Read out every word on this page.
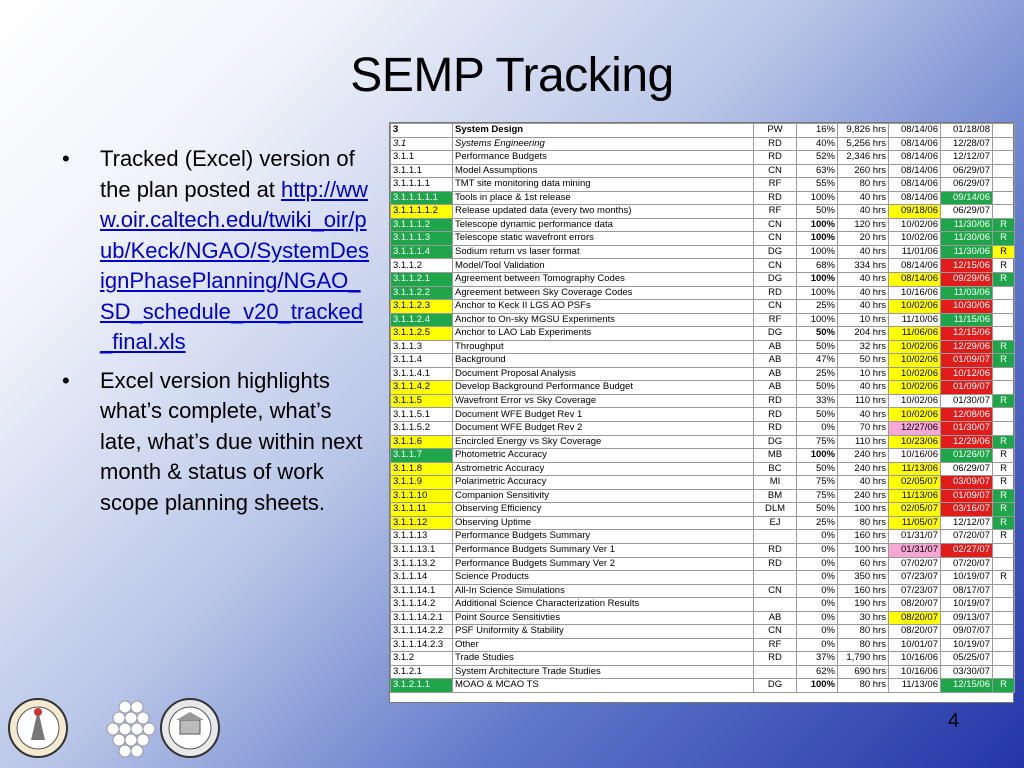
SEMP Tracking
• Tracked (Excel) version of the plan posted at http://www.oir.caltech.edu/twiki_oir/pub/Keck/NGAO/SystemDesignPhasePlanning/NGAO_SD_schedule_v20_tracked_final.xls
• Excel version highlights what’s complete, what’s late, what’s due within next month & status of work scope planning sheets.
3	System Design	PW	16%	9,826 hrs	08/14/06	01/18/08	
3.1	Systems Engineering	RD	40%	5,256 hrs	08/14/06	12/28/07	
3.1.1	Performance Budgets	RD	52%	2,346 hrs	08/14/06	12/12/07	
3.1.1.1	Model Assumptions	CN	63%	260 hrs	08/14/06	06/29/07	
3.1.1.1.1	TMT site monitoring data mining	RF	55%	80 hrs	08/14/06	06/29/07	
3.1.1.1.1.1	Tools in place & 1st release	RD	100%	40 hrs	08/14/06	09/14/06	
3.1.1.1.1.2	Release updated data (every two months)	RF	50%	40 hrs	09/18/06	06/29/07	
3.1.1.1.2	Telescope dynamic performance data	CN	100%	120 hrs	10/02/06	11/30/06	R
3.1.1.1.3	Telescope static wavefront errors	CN	100%	20 hrs	10/02/06	11/30/06	R
3.1.1.1.4	Sodium return vs laser format	DG	100%	40 hrs	11/01/06	11/30/06	R
3.1.1.2	Model/Tool Validation	CN	68%	334 hrs	08/14/06	12/15/06	R
3.1.1.2.1	Agreement between Tomography Codes	DG	100%	40 hrs	08/14/06	09/29/06	R
3.1.1.2.2	Agreement between Sky Coverage Codes	RD	100%	40 hrs	10/16/06	11/03/06	
3.1.1.2.3	Anchor to Keck II LGS AO PSFs	CN	25%	40 hrs	10/02/06	10/30/06	
3.1.1.2.4	Anchor to On-sky MGSU Experiments	RF	100%	10 hrs	11/10/06	11/15/06	
3.1.1.2.5	Anchor to LAO Lab Experiments	DG	50%	204 hrs	11/06/06	12/15/06	
3.1.1.3	Throughput	AB	50%	32 hrs	10/02/06	12/29/06	R
3.1.1.4	Background	AB	47%	50 hrs	10/02/06	01/09/07	R
3.1.1.4.1	Document Proposal Analysis	AB	25%	10 hrs	10/02/06	10/12/06	
3.1.1.4.2	Develop Background Performance Budget	AB	50%	40 hrs	10/02/06	01/09/07	
3.1.1.5	Wavefront Error vs Sky Coverage	RD	33%	110 hrs	10/02/06	01/30/07	R
3.1.1.5.1	Document WFE Budget Rev 1	RD	50%	40 hrs	10/02/06	12/08/06	
3.1.1.5.2	Document WFE Budget Rev 2	RD	0%	70 hrs	12/27/06	01/30/07	
3.1.1.6	Encircled Energy vs Sky Coverage	DG	75%	110 hrs	10/23/06	12/29/06	R
3.1.1.7	Photometric Accuracy	MB	100%	240 hrs	10/16/06	01/26/07	R
3.1.1.8	Astrometric Accuracy	BC	50%	240 hrs	11/13/06	06/29/07	R
3.1.1.9	Polarimetric Accuracy	MI	75%	40 hrs	02/05/07	03/09/07	R
3.1.1.10	Companion Sensitivity	BM	75%	240 hrs	11/13/06	01/09/07	R
3.1.1.11	Observing Efficiency	DLM	50%	100 hrs	02/05/07	03/16/07	R
3.1.1.12	Observing Uptime	EJ	25%	80 hrs	11/05/07	12/12/07	R
3.1.1.13	Performance Budgets Summary		0%	160 hrs	01/31/07	07/20/07	R
3.1.1.13.1	Performance Budgets Summary Ver 1	RD	0%	100 hrs	01/31/07	02/27/07	
3.1.1.13.2	Performance Budgets Summary Ver 2	RD	0%	60 hrs	07/02/07	07/20/07	
3.1.1.14	Science Products		0%	350 hrs	07/23/07	10/19/07	R
3.1.1.14.1	All-In Science Simulations	CN	0%	160 hrs	07/23/07	08/17/07	
3.1.1.14.2	Additional Science Characterization Results		0%	190 hrs	08/20/07	10/19/07	
3.1.1.14.2.1	Point Source Sensitivties	AB	0%	30 hrs	08/20/07	09/13/07	
3.1.1.14.2.2	PSF Uniformity & Stability	CN	0%	80 hrs	08/20/07	09/07/07	
3.1.1.14.2.3	Other	RF	0%	80 hrs	10/01/07	10/19/07	
3.1.2	Trade Studies	RD	37%	1,790 hrs	10/16/06	05/25/07	
3.1.2.1	System Architecture Trade Studies		62%	690 hrs	10/16/06	03/30/07	
3.1.2.1.1	MOAO & MCAO TS	DG	100%	80 hrs	11/13/06	12/15/06	R
4
